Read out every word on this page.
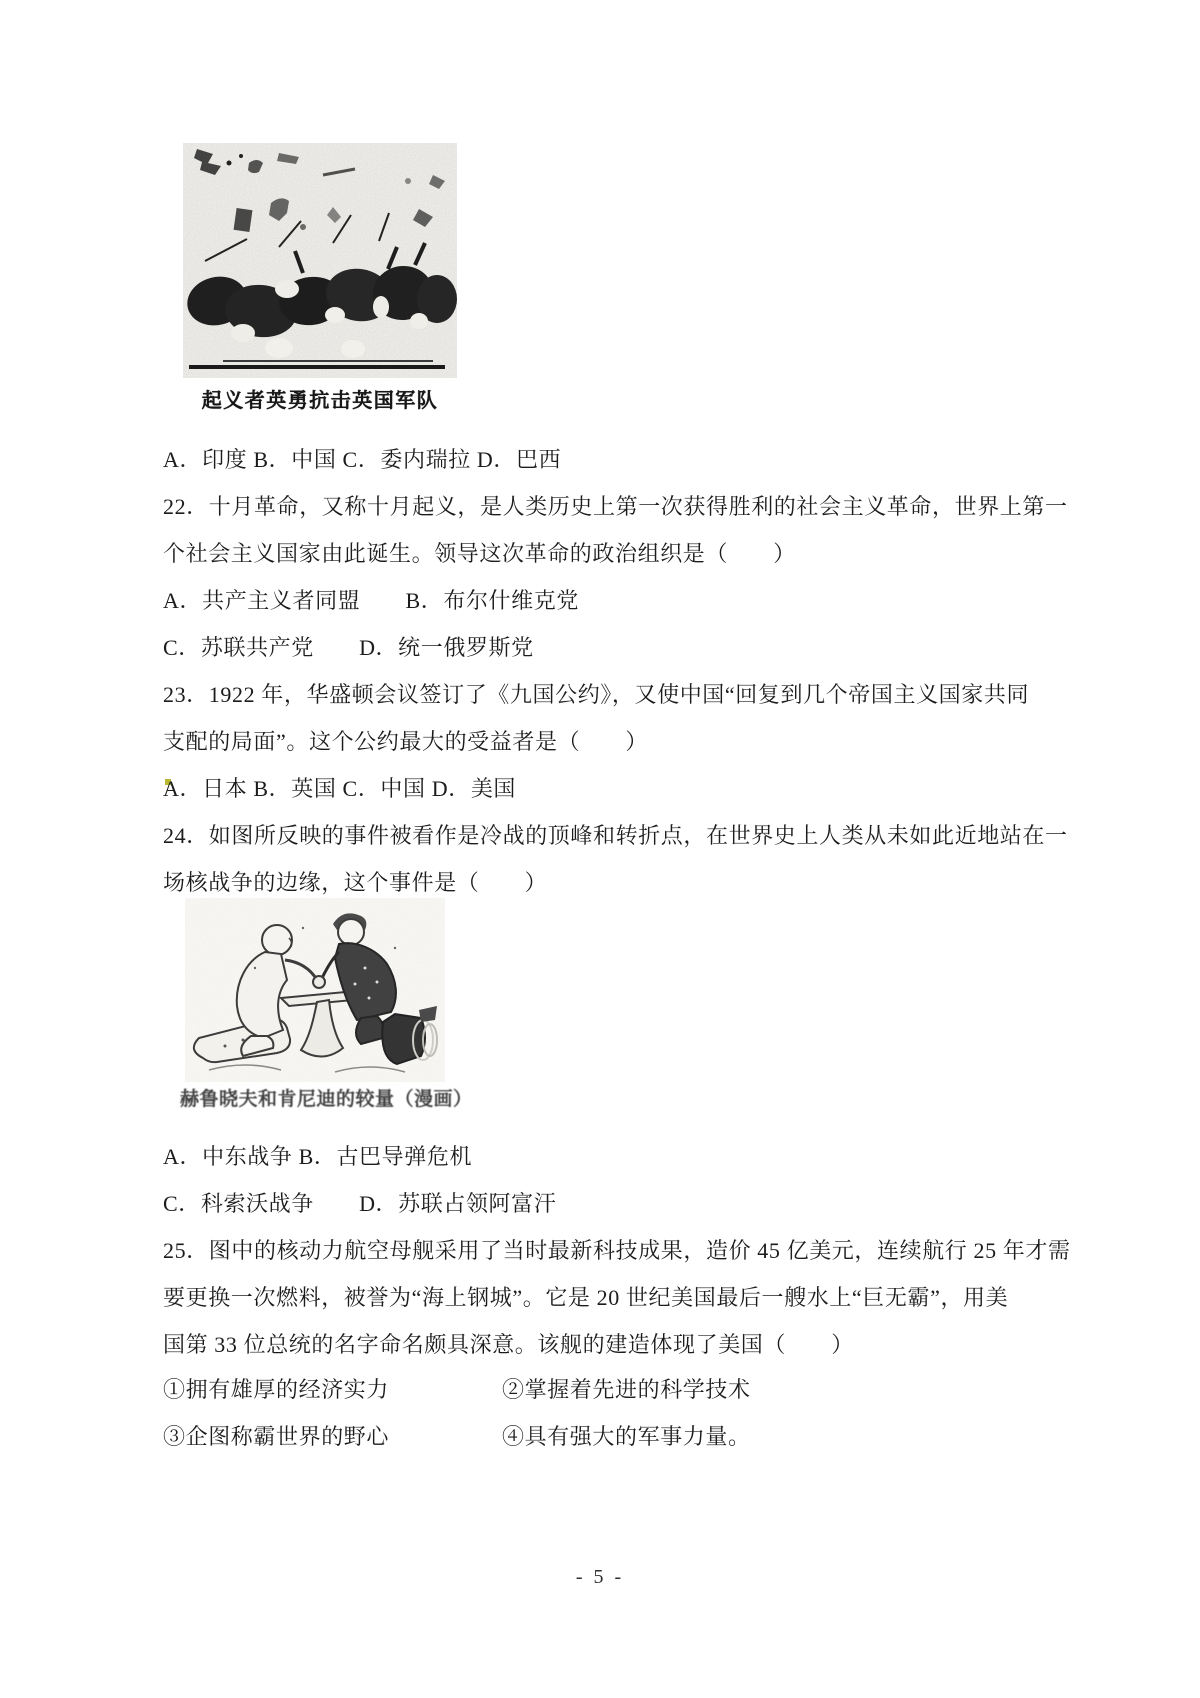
起义者英勇抗击英国军队
A．印度 B．中国 C．委内瑞拉 D．巴西
22．十月革命，又称十月起义，是人类历史上第一次获得胜利的社会主义革命，世界上第一
个社会主义国家由此诞生。领导这次革命的政治组织是（　　）
A．共产主义者同盟　　B．布尔什维克党
C．苏联共产党　　D．统一俄罗斯党
23．1922 年，华盛顿会议签订了《九国公约》，又使中国“回复到几个帝国主义国家共同
支配的局面”。这个公约最大的受益者是（　　）
A．日本 B．英国 C．中国 D．美国
24．如图所反映的事件被看作是冷战的顶峰和转折点，在世界史上人类从未如此近地站在一
场核战争的边缘，这个事件是（　　）
赫鲁晓夫和肯尼迪的较量（漫画）
A．中东战争 B．古巴导弹危机
C．科索沃战争　　D．苏联占领阿富汗
25．图中的核动力航空母舰采用了当时最新科技成果，造价 45 亿美元，连续航行 25 年才需
要更换一次燃料，被誉为“海上钢城”。它是 20 世纪美国最后一艘水上“巨无霸”，用美
国第 33 位总统的名字命名颇具深意。该舰的建造体现了美国（　　）
①拥有雄厚的经济实力　　　　　②掌握着先进的科学技术
③企图称霸世界的野心　　　　　④具有强大的军事力量。
- 5 -
